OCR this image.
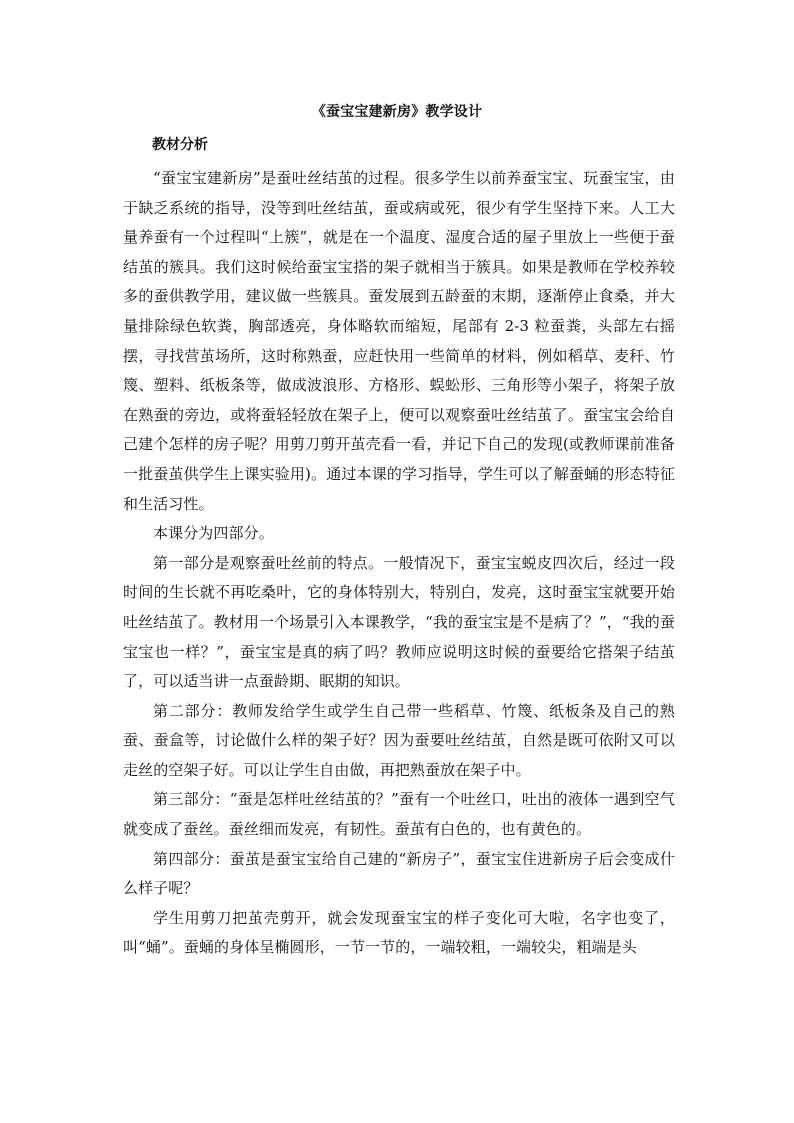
《蚕宝宝建新房》教学设计
教材分析

“蚕宝宝建新房”是蚕吐丝结茧的过程。很多学生以前养蚕宝宝、玩蚕宝宝，由于缺乏系统的指导，没等到吐丝结茧，蚕或病或死，很少有学生坚持下来。人工大量养蚕有一个过程叫“上簇”，就是在一个温度、湿度合适的屋子里放上一些便于蚕结茧的簇具。我们这时候给蚕宝宝搭的架子就相当于簇具。如果是教师在学校养较多的蚕供教学用，建议做一些簇具。蚕发展到五龄蚕的末期，逐渐停止食桑，并大量排除绿色软粪，胸部透亮，身体略软而缩短，尾部有 2-3 粒蚕粪，头部左右摇摆，寻找营茧场所，这时称熟蚕，应赶快用一些简单的材料，例如稻草、麦秆、竹篾、塑料、纸板条等，做成波浪形、方格形、蜈蚣形、三角形等小架子，将架子放在熟蚕的旁边，或将蚕轻轻放在架子上，便可以观察蚕吐丝结茧了。蚕宝宝会给自己建个怎样的房子呢？用剪刀剪开茧壳看一看，并记下自己的发现(或教师课前准备一批蚕茧供学生上课实验用)。通过本课的学习指导，学生可以了解蚕蛹的形态特征和生活习性。

本课分为四部分。

第一部分是观察蚕吐丝前的特点。一般情况下，蚕宝宝蜕皮四次后，经过一段时间的生长就不再吃桑叶，它的身体特别大，特别白，发亮，这时蚕宝宝就要开始吐丝结茧了。教材用一个场景引入本课教学，“我的蚕宝宝是不是病了？”，“我的蚕宝宝也一样？”，蚕宝宝是真的病了吗？教师应说明这时候的蚕要给它搭架子结茧了，可以适当讲一点蚕龄期、眠期的知识。

第二部分：教师发给学生或学生自己带一些稻草、竹篾、纸板条及自己的熟蚕、蚕盒等，讨论做什么样的架子好？因为蚕要吐丝结茧，自然是既可依附又可以走丝的空架子好。可以让学生自由做，再把熟蚕放在架子中。

第三部分：“蚕是怎样吐丝结茧的？”蚕有一个吐丝口，吐出的液体一遇到空气就变成了蚕丝。蚕丝细而发亮，有韧性。蚕茧有白色的，也有黄色的。

第四部分：蚕茧是蚕宝宝给自己建的“新房子”，蚕宝宝住进新房子后会变成什么样子呢？

学生用剪刀把茧壳剪开，就会发现蚕宝宝的样子变化可大啦，名字也变了，叫“蛹”。蚕蛹的身体呈椭圆形，一节一节的，一端较粗，一端较尖，粗端是头
